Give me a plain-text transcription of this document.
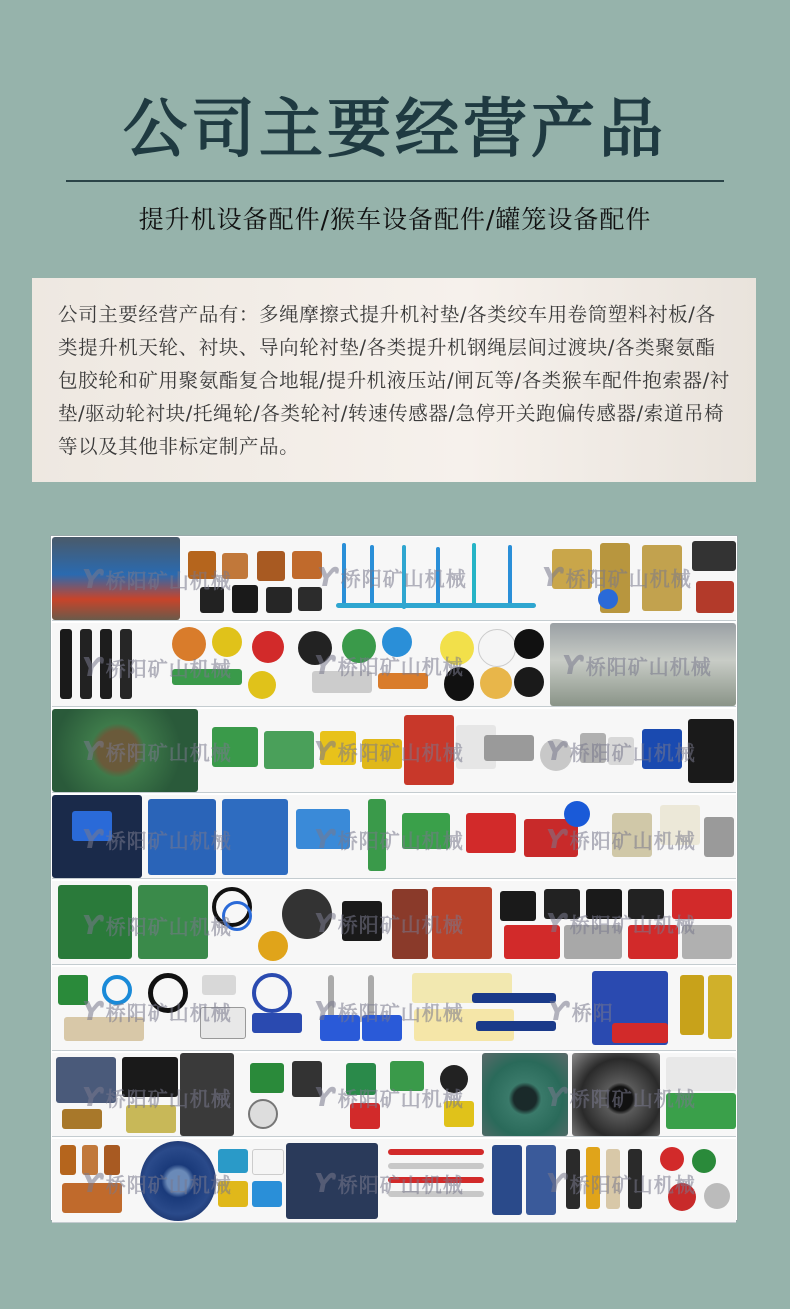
公司主要经营产品
提升机设备配件/猴车设备配件/罐笼设备配件

公司主要经营产品有：多绳摩擦式提升机衬垫/各类绞车用卷筒塑料衬板/各类提升机天轮、衬块、导向轮衬垫/各类提升机钢绳层间过渡块/各类聚氨酯包胶轮和矿用聚氨酯复合地辊/提升机液压站/闸瓦等/各类猴车配件抱索器/衬垫/驱动轮衬块/托绳轮/各类轮衬/转速传感器/急停开关跑偏传感器/索道吊椅等以及其他非标定制产品。

Ƴ 桥阳矿山机械	Ƴ 桥阳矿山机械	Ƴ 桥阳矿山机械
Ƴ 桥阳矿山机械	Ƴ 桥阳矿山机械	Ƴ 桥阳矿山机械
Ƴ 桥阳矿山机械	Ƴ 桥阳矿山机械	Ƴ 桥阳矿山机械
Ƴ 桥阳矿山机械	Ƴ 桥阳矿山机械	Ƴ 桥阳矿山机械
Ƴ 桥阳矿山机械	Ƴ 桥阳矿山机械	Ƴ 桥阳矿山机械
Ƴ 桥阳矿山机械	Ƴ 桥阳矿山机械	Ƴ 桥阳
Ƴ 桥阳矿山机械	Ƴ 桥阳矿山机械	Ƴ 桥阳矿山机械
Ƴ 桥阳矿山机械	Ƴ 桥阳矿山机械	Ƴ 桥阳矿山机械
